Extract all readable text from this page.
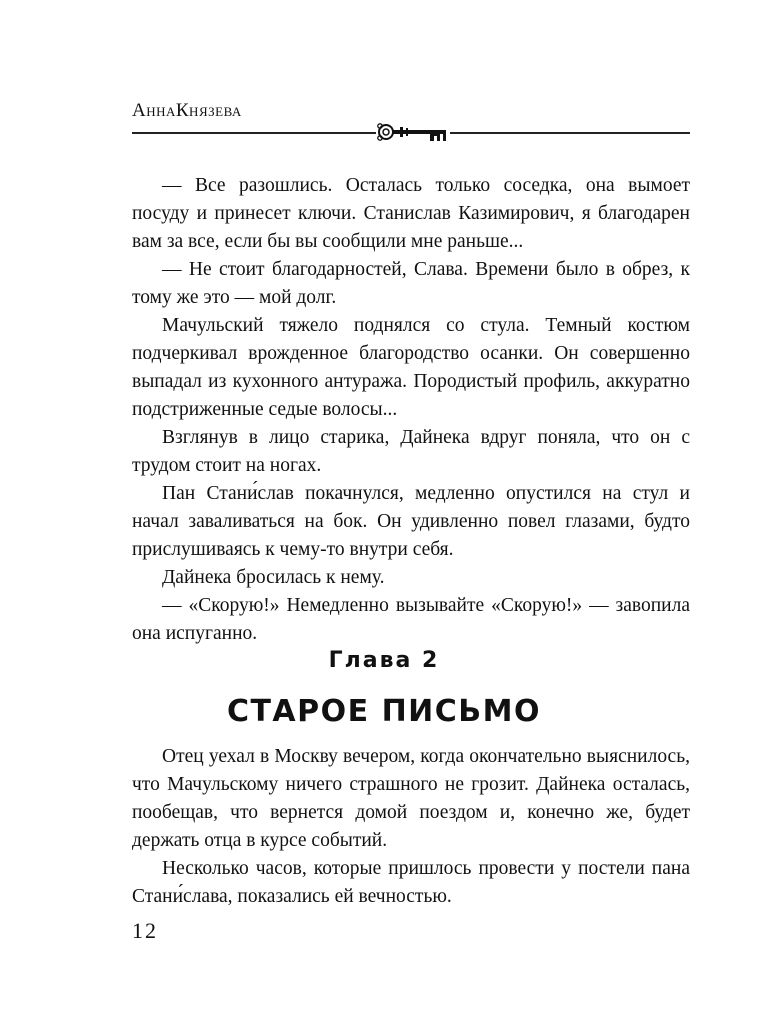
АннаКнязева

— Все разошлись. Осталась только соседка, она вымоет посуду и принесет ключи. Станислав Казимирович, я благодарен вам за все, если бы вы сообщили мне раньше...

— Не стоит благодарностей, Слава. Времени было в обрез, к тому же это — мой долг.

Мачульский тяжело поднялся со стула. Темный костюм подчеркивал врожденное благородство осанки. Он совершенно выпадал из кухонного антуража. Породистый профиль, аккуратно подстриженные седые волосы...

Взглянув в лицо старика, Дайнека вдруг поняла, что он с трудом стоит на ногах.

Пан Стани́слав покачнулся, медленно опустился на стул и начал заваливаться на бок. Он удивленно повел глазами, будто прислушиваясь к чему-то внутри себя.

Дайнека бросилась к нему.

— «Скорую!» Немедленно вызывайте «Скорую!» — завопила она испуганно.

Глава 2
СТАРОЕ ПИСЬМО

Отец уехал в Москву вечером, когда окончательно выяснилось, что Мачульскому ничего страшного не грозит. Дайнека осталась, пообещав, что вернется домой поездом и, конечно же, будет держать отца в курсе событий.

Несколько часов, которые пришлось провести у постели пана Стани́слава, показались ей вечностью.

12
